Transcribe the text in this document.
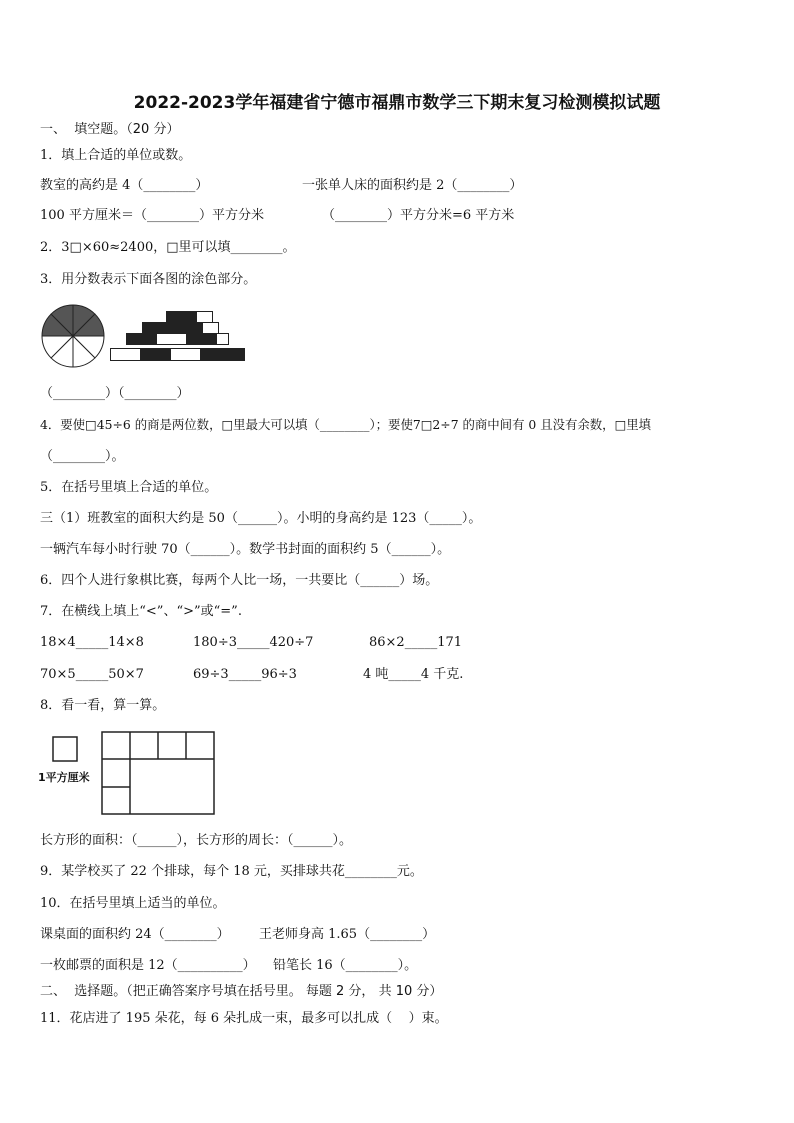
2022-2023学年福建省宁德市福鼎市数学三下期末复习检测模拟试题
一、  填空题。（20 分）
1．填上合适的单位或数。
教室的高约是 4（________）	一张单人床的面积约是 2（________）
100 平方厘米＝（________）平方分米	（________）平方分米=6 平方米
2．3□×60≈2400，□里可以填________。
3．用分数表示下面各图的涂色部分。
（________）（________）
4．要使□45÷6 的商是两位数，□里最大可以填（________）；要使7□2÷7 的商中间有 0 且没有余数，□里填
（________）。
5．在括号里填上合适的单位。
三（1）班教室的面积大约是 50（______）。小明的身高约是 123（_____）。
一辆汽车每小时行驶 70（______）。数学书封面的面积约 5（______）。
6．四个人进行象棋比赛，每两个人比一场，一共要比（______）场。
7．在横线上填上“<”、“>”或“=”.
18×4_____14×8	180÷3_____420÷7	86×2_____171
70×5_____50×7	69÷3_____96÷3	4 吨_____4 千克.
8．看一看，算一算。
1平方厘米
长方形的面积：（______），长方形的周长：（______）。
9．某学校买了 22 个排球，每个 18 元，买排球共花________元。
10．在括号里填上适当的单位。
课桌面的面积约 24（________） 王老师身高 1.65（________）
一枚邮票的面积是 12（__________） 铅笔长 16（________）。
二、  选择题。（把正确答案序号填在括号里。 每题 2 分， 共 10 分）
11．花店进了 195 朵花，每 6 朵扎成一束，最多可以扎成（    ）束。
